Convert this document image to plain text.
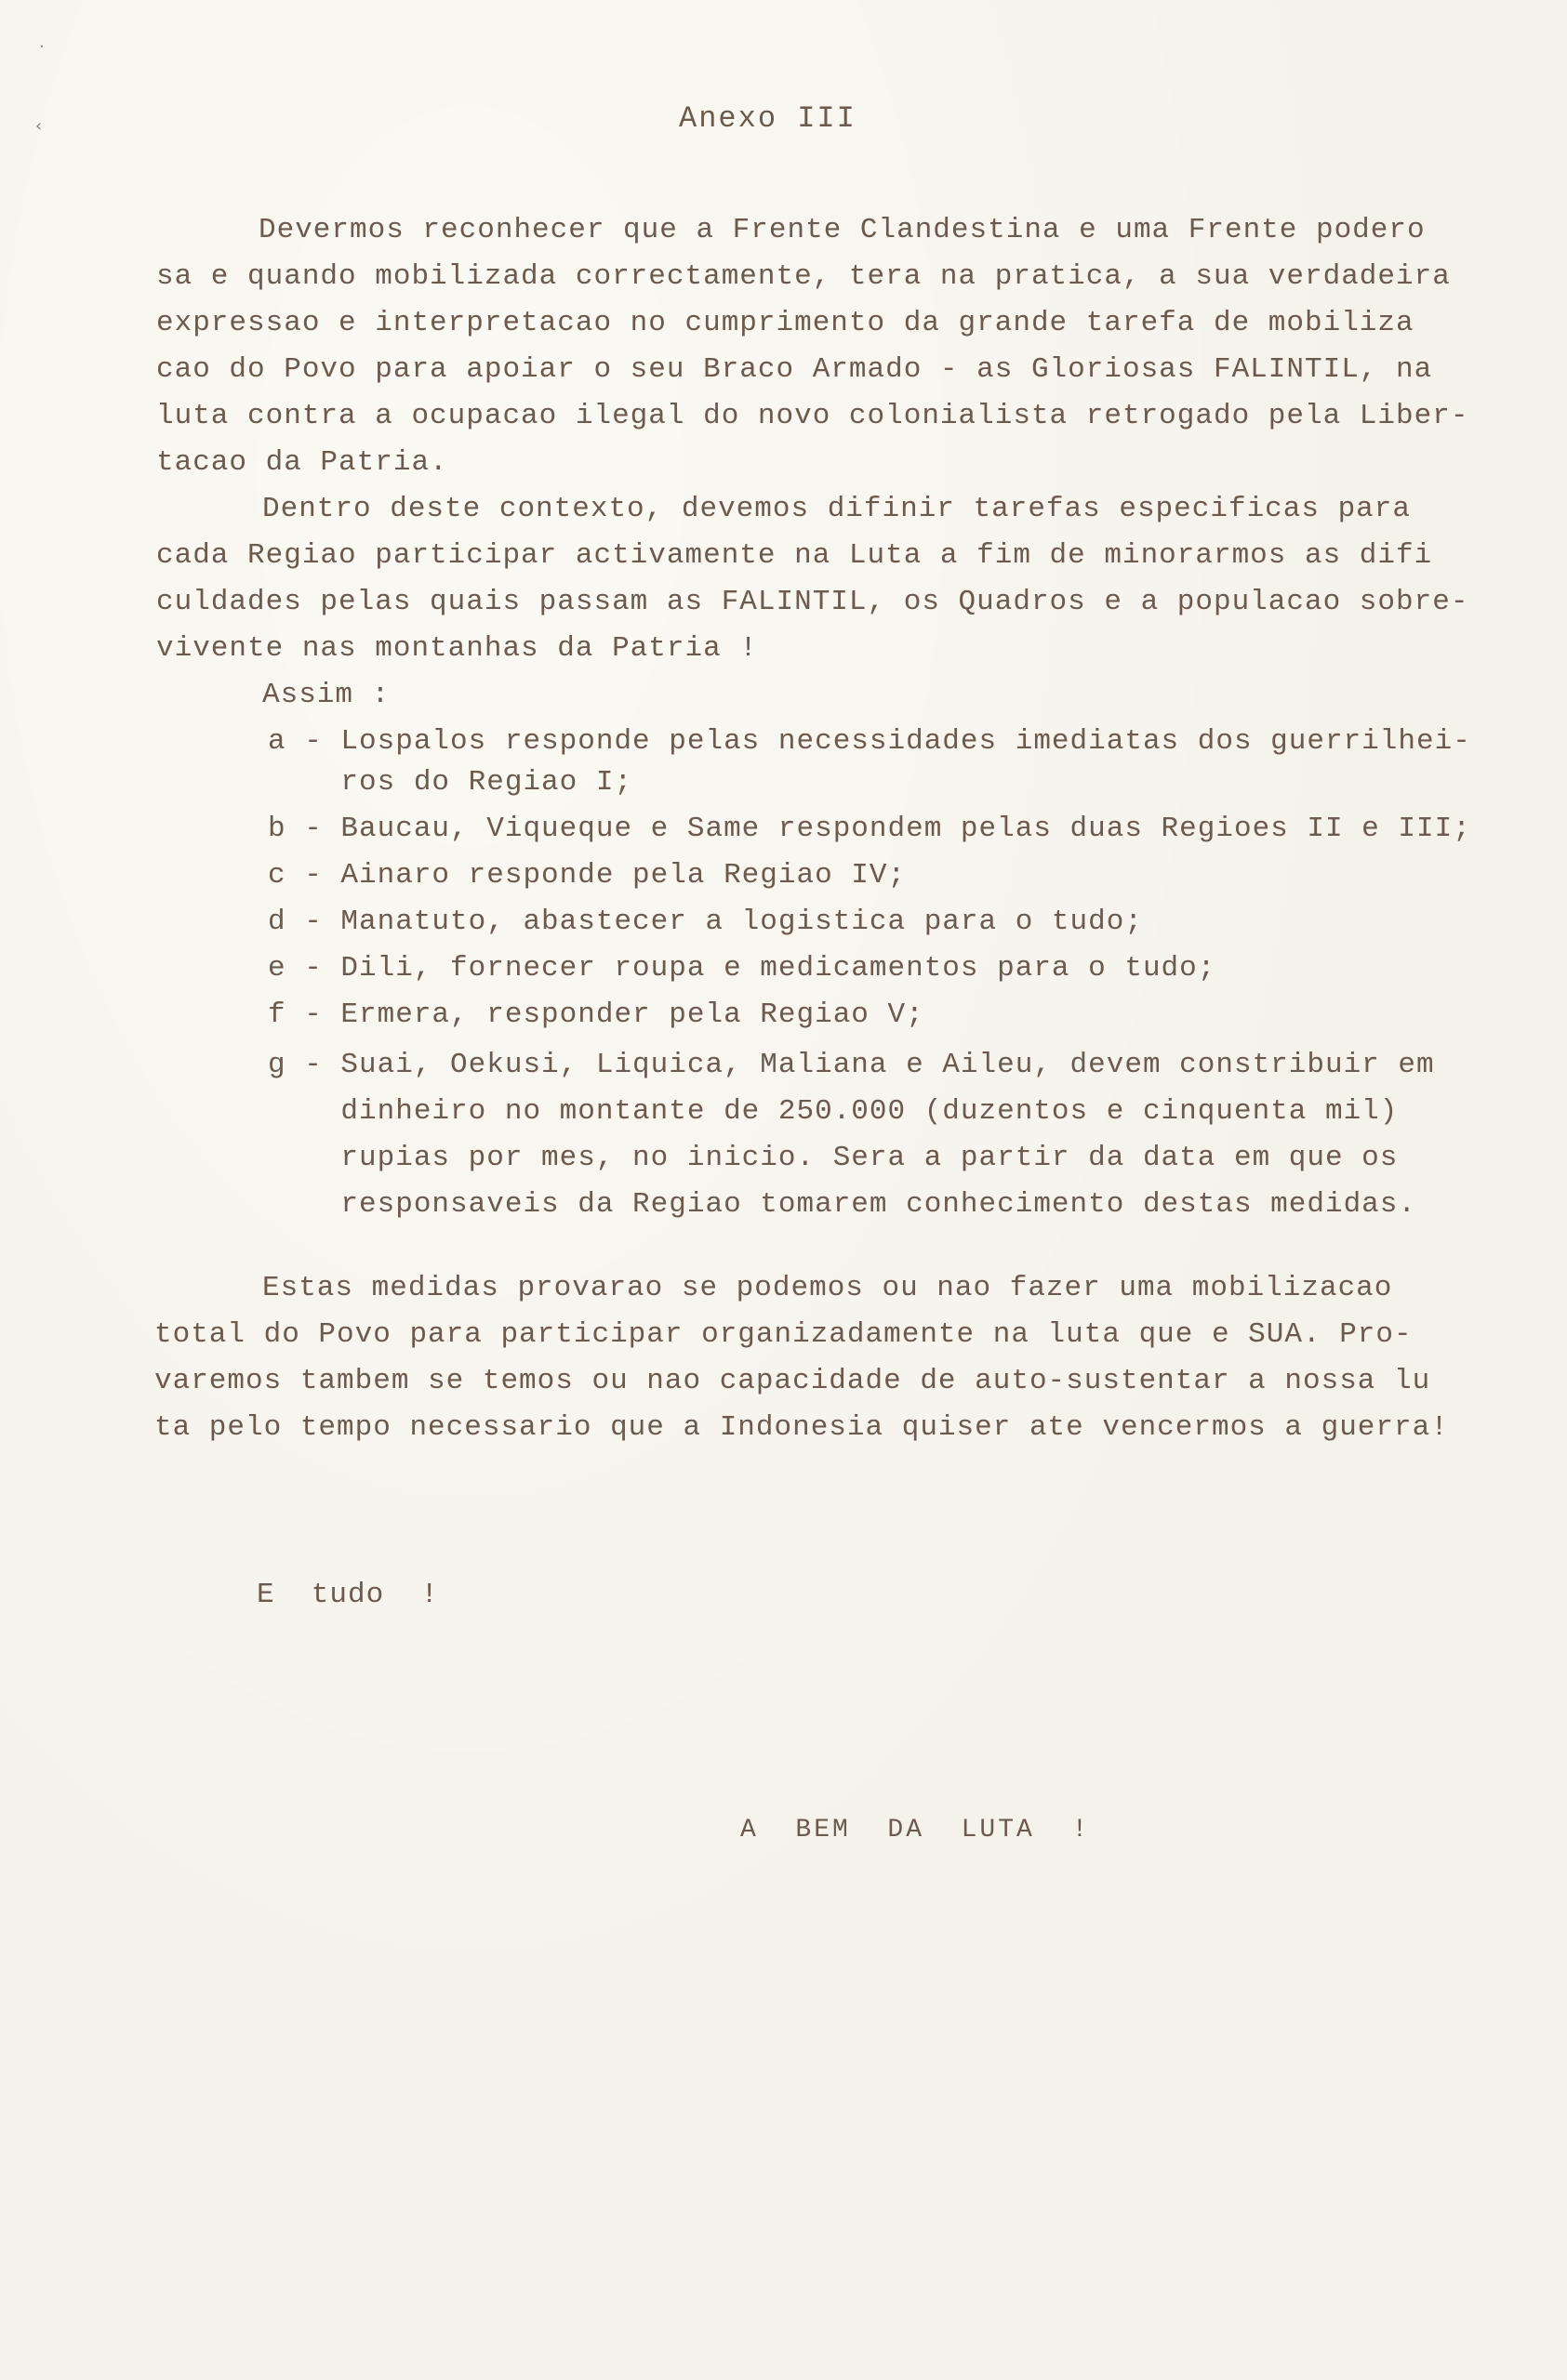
·
‹	Anexo III

Devermos reconhecer que a Frente Clandestina e uma Frente podero

sa e quando mobilizada correctamente, tera na pratica, a sua verdadeira

expressao e interpretacao no cumprimento da grande tarefa de mobiliza

cao do Povo para apoiar o seu Braco Armado - as Gloriosas FALINTIL, na

luta contra a ocupacao ilegal do novo colonialista retrogado pela Liber-

tacao da Patria.

Dentro deste contexto, devemos difinir tarefas especificas para

cada Regiao participar activamente na Luta a fim de minorarmos as difi

culdades pelas quais passam as FALINTIL, os Quadros e a populacao sobre-

vivente nas montanhas da Patria !

Assim :

a - Lospalos responde pelas necessidades imediatas dos guerrilhei-

ros do Regiao I;

b - Baucau, Viqueque e Same respondem pelas duas Regioes II e III;

c - Ainaro responde pela Regiao IV;

d - Manatuto, abastecer a logistica para o tudo;

e - Dili, fornecer roupa e medicamentos para o tudo;

f - Ermera, responder pela Regiao V;

g - Suai, Oekusi, Liquica, Maliana e Aileu, devem constribuir em

dinheiro no montante de 250.000 (duzentos e cinquenta mil)

rupias por mes, no inicio. Sera a partir da data em que os

responsaveis da Regiao tomarem conhecimento destas medidas.

Estas medidas provarao se podemos ou nao fazer uma mobilizacao

total do Povo para participar organizadamente na luta que e SUA. Pro-

varemos tambem se temos ou nao capacidade de auto-sustentar a nossa lu

ta pelo tempo necessario que a Indonesia quiser ate vencermos a guerra!

E  tudo  !

A  BEM  DA  LUTA  !
